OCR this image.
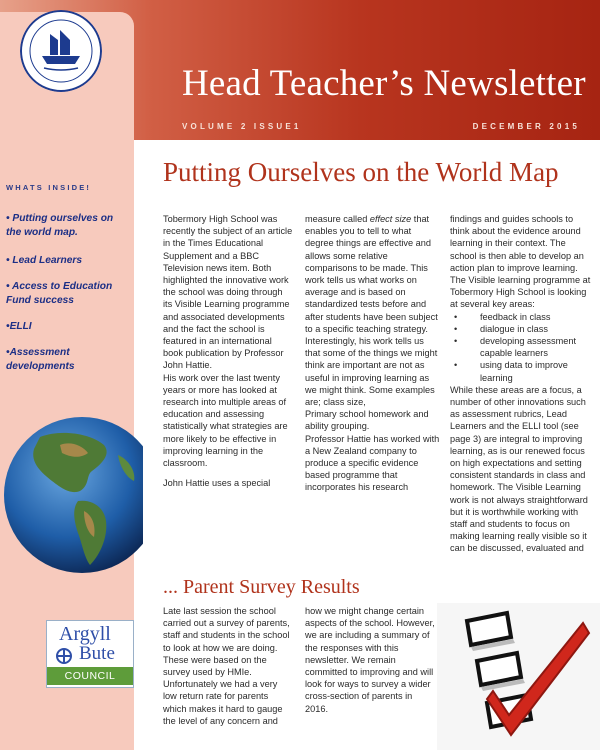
Head Teacher’s Newsletter
VOLUME 2 ISSUE1	DECEMBER 2015
WHATS INSIDE!
• Putting ourselves on the world map.
• Lead Learners
• Access to Education Fund success
•ELLI
•Assessment developments
Argyll
Bute
COUNCIL
Putting Ourselves on the World Map

Tobermory High School was recently the subject of an article in the Times Educational Supplement and a BBC Television news item. Both highlighted the innovative work the school was doing through its Visible Learning programme and associated developments and the fact the school is featured in an international book publication by Professor John Hattie.

His work over the last twenty years or more has looked at research into multiple areas of education and assessing statistically what strategies are more likely to be effective in improving learning in the classroom.

John Hattie uses a special

measure called effect size that enables you to tell to what degree things are effective and allows some relative comparisons to be made. This work tells us what works on average and is based on standardized tests before and after students have been subject to a specific teaching strategy. Interestingly, his work tells us that some of the things we might think are important are not as useful in improving learning as we might think. Some examples are; class size,

Primary school homework and ability grouping.

Professor Hattie has worked with a New Zealand company to produce a specific evidence based programme that incorporates his research

findings and guides schools to think about the evidence around learning in their context. The school is then able to develop an action plan to improve learning. The Visible learning programme at Tobermory High School is looking at several key areas:

• feedback in class
• dialogue in class
• developing assessment capable learners
• using data to improve learning

While these areas are a focus, a number of other innovations such as assessment rubrics, Lead Learners and the ELLI tool (see page 3) are integral to improving learning, as is our renewed focus on high expectations and setting consistent standards in class and homework. The Visible Learning work is not always straightforward but it is worthwhile working with staff and students to focus on making learning really visible so it can be discussed, evaluated and

... Parent Survey Results

Late last session the school carried out a survey of parents, staff and students in the school to look at how we are doing. These were based on the survey used by HMIe. Unfortunately we had a very low return rate for parents which makes it hard to gauge the level of any concern and

how we might change certain aspects of the school. However, we are including a summary of the responses with this newsletter. We remain committed to improving and will look for ways to survey a wider cross-section of parents in 2016.
